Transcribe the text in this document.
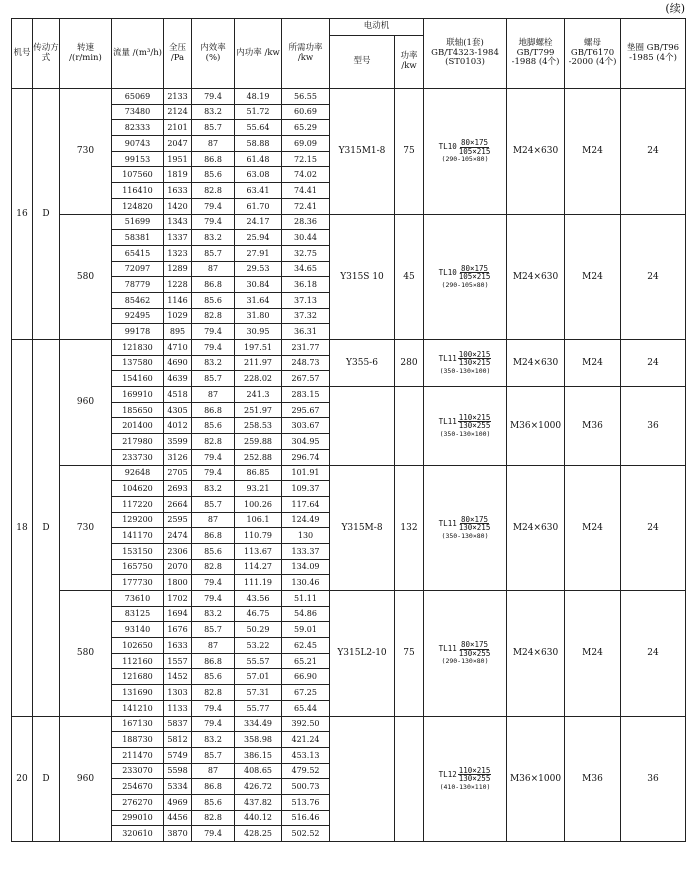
(续)
机号	传动方式	转速 /(r/min)	流量 /(m³/h)	全压 /Pa	内效率 (%)	内功率 /kw	所需功率 /kw	电动机		联轴(1套) GB/T4323-1984 (ST0103)	地脚螺栓 GB/T799 -1988 (4个)	螺母 GB/T6170 -2000 (4个)	垫圈 GB/T96 -1985 (4个)
								型号	功率 /kw				
16	D	730	65069	2133	79.4	48.19	56.55	Y315M1-8	75	$TL10 \frac{80\times 175}{105\times 215}$
(290-105×80)	M24×630	M24	24
			73480	2124	83.2	51.72	60.69						
			82333	2101	85.7	55.64	65.29						
			90743	2047	87	58.88	69.09						
			99153	1951	86.8	61.48	72.15						
			107560	1819	85.6	63.08	74.02						
			116410	1633	82.8	63.41	74.41						
			124820	1420	79.4	61.70	72.41						
		580	51699	1343	79.4	24.17	28.36	Y315S 10	45	$TL10 \frac{80\times 175}{105\times 215}$
(290-105×80)	M24×630	M24	24
			58381	1337	83.2	25.94	30.44						
			65415	1323	85.7	27.91	32.75						
			72097	1289	87	29.53	34.65						
			78779	1228	86.8	30.84	36.18						
			85462	1146	85.6	31.64	37.13						
			92495	1029	82.8	31.80	37.32						
			99178	895	79.4	30.95	36.31						
18	D	960	121830	4710	79.4	197.51	231.77	Y355-6	280	$TL11 \frac{100\times 215}{130\times 215}$
(350-130×100)	M24×630	M24	24
			137580	4690	83.2	211.97	248.73						
			154160	4639	85.7	228.02	267.57						
			169910	4518	87	241.3	283.15			$TL11 \frac{110\times 215}{130\times 255}$
(350-130×100)	M36×1000	M36	36
			185650	4305	86.8	251.97	295.67						
			201400	4012	85.6	258.53	303.67						
			217980	3599	82.8	259.88	304.95						
			233730	3126	79.4	252.88	296.74						
		730	92648	2705	79.4	86.85	101.91	Y315M-8	132	$TL11 \frac{80\times 175}{130\times 215}$
(350-130×80)	M24×630	M24	24
			104620	2693	83.2	93.21	109.37						
			117220	2664	85.7	100.26	117.64						
			129200	2595	87	106.1	124.49						
			141170	2474	86.8	110.79	130						
			153150	2306	85.6	113.67	133.37						
			165750	2070	82.8	114.27	134.09						
			177730	1800	79.4	111.19	130.46						
		580	73610	1702	79.4	43.56	51.11	Y315L2-10	75	$TL11 \frac{80\times 175}{130\times 255}$
(290-130×80)	M24×630	M24	24
			83125	1694	83.2	46.75	54.86						
			93140	1676	85.7	50.29	59.01						
			102650	1633	87	53.22	62.45						
			112160	1557	86.8	55.57	65.21						
			121680	1452	85.6	57.01	66.90						
			131690	1303	82.8	57.31	67.25						
			141210	1133	79.4	55.77	65.44						
20	D	960	167130	5837	79.4	334.49	392.50			$TL12 \frac{110\times 215}{130\times 255}$
(410-130×110)	M36×1000	M36	36
			188730	5812	83.2	358.98	421.24						
			211470	5749	85.7	386.15	453.13						
			233070	5598	87	408.65	479.52						
			254670	5334	86.8	426.72	500.73						
			276270	4969	85.6	437.82	513.76						
			299010	4456	82.8	440.12	516.46						
			320610	3870	79.4	428.25	502.52						
